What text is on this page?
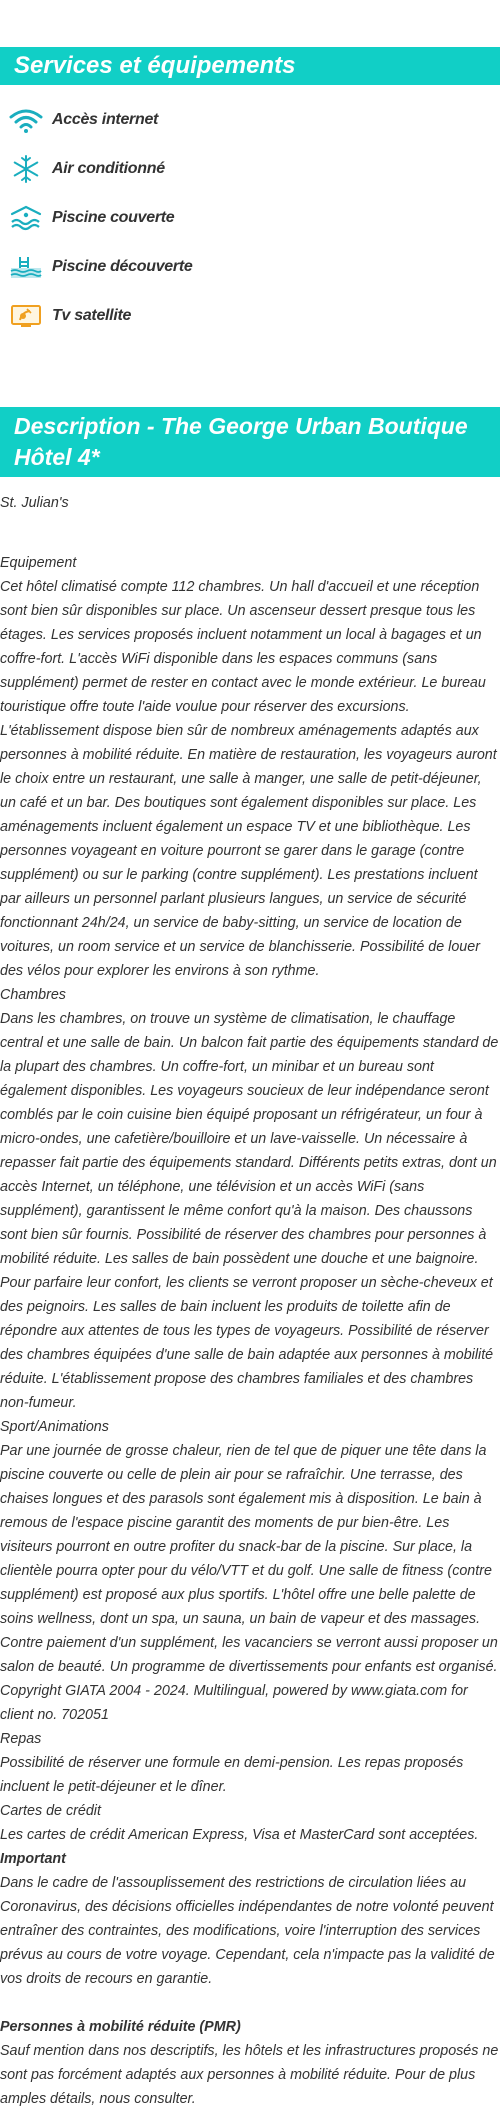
Services et équipements
Accès internet
Air conditionné
Piscine couverte
Piscine découverte
Tv satellite
Description - The George Urban Boutique Hôtel 4*

St. Julian's

Equipement

Cet hôtel climatisé compte 112 chambres. Un hall d'accueil et une réception sont bien sûr disponibles sur place. Un ascenseur dessert presque tous les étages. Les services proposés incluent notamment un local à bagages et un coffre-fort. L'accès WiFi disponible dans les espaces communs (sans supplément) permet de rester en contact avec le monde extérieur. Le bureau touristique offre toute l'aide voulue pour réserver des excursions. L'établissement dispose bien sûr de nombreux aménagements adaptés aux personnes à mobilité réduite. En matière de restauration, les voyageurs auront le choix entre un restaurant, une salle à manger, une salle de petit-déjeuner, un café et un bar. Des boutiques sont également disponibles sur place. Les aménagements incluent également un espace TV et une bibliothèque. Les personnes voyageant en voiture pourront se garer dans le garage (contre supplément) ou sur le parking (contre supplément). Les prestations incluent par ailleurs un personnel parlant plusieurs langues, un service de sécurité fonctionnant 24h/24, un service de baby-sitting, un service de location de voitures, un room service et un service de blanchisserie. Possibilité de louer des vélos pour explorer les environs à son rythme.

Chambres

Dans les chambres, on trouve un système de climatisation, le chauffage central et une salle de bain. Un balcon fait partie des équipements standard de la plupart des chambres. Un coffre-fort, un minibar et un bureau sont également disponibles. Les voyageurs soucieux de leur indépendance seront comblés par le coin cuisine bien équipé proposant un réfrigérateur, un four à micro-ondes, une cafetière/bouilloire et un lave-vaisselle. Un nécessaire à repasser fait partie des équipements standard. Différents petits extras, dont un accès Internet, un téléphone, une télévision et un accès WiFi (sans supplément), garantissent le même confort qu'à la maison. Des chaussons sont bien sûr fournis. Possibilité de réserver des chambres pour personnes à mobilité réduite. Les salles de bain possèdent une douche et une baignoire. Pour parfaire leur confort, les clients se verront proposer un sèche-cheveux et des peignoirs. Les salles de bain incluent les produits de toilette afin de répondre aux attentes de tous les types de voyageurs. Possibilité de réserver des chambres équipées d'une salle de bain adaptée aux personnes à mobilité réduite. L'établissement propose des chambres familiales et des chambres non-fumeur.

Sport/Animations

Par une journée de grosse chaleur, rien de tel que de piquer une tête dans la piscine couverte ou celle de plein air pour se rafraîchir. Une terrasse, des chaises longues et des parasols sont également mis à disposition. Le bain à remous de l'espace piscine garantit des moments de pur bien-être. Les visiteurs pourront en outre profiter du snack-bar de la piscine. Sur place, la clientèle pourra opter pour du vélo/VTT et du golf. Une salle de fitness (contre supplément) est proposé aux plus sportifs. L'hôtel offre une belle palette de soins wellness, dont un spa, un sauna, un bain de vapeur et des massages. Contre paiement d'un supplément, les vacanciers se verront aussi proposer un salon de beauté. Un programme de divertissements pour enfants est organisé. Copyright GIATA 2004 - 2024. Multilingual, powered by www.giata.com for client no. 702051

Repas

Possibilité de réserver une formule en demi-pension. Les repas proposés incluent le petit-déjeuner et le dîner.

Cartes de crédit

Les cartes de crédit American Express, Visa et MasterCard sont acceptées.

Important

Dans le cadre de l'assouplissement des restrictions de circulation liées au Coronavirus, des décisions officielles indépendantes de notre volonté peuvent entraîner des contraintes, des modifications, voire l'interruption des services prévus au cours de votre voyage. Cependant, cela n'impacte pas la validité de vos droits de recours en garantie.

Personnes à mobilité réduite (PMR)

Sauf mention dans nos descriptifs, les hôtels et les infrastructures proposés ne sont pas forcément adaptés aux personnes à mobilité réduite. Pour de plus amples détails, nous consulter.
